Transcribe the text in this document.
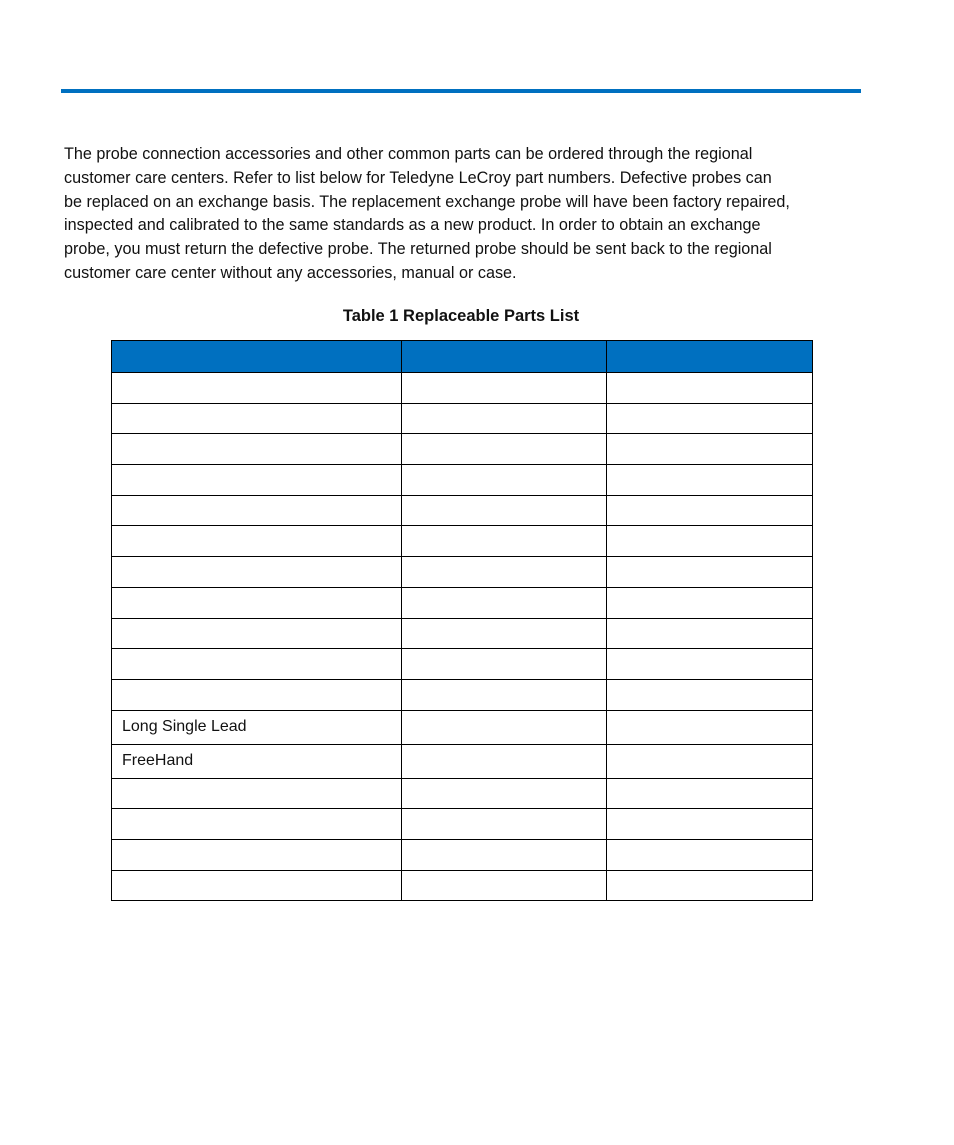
The probe connection accessories and other common parts can be ordered through the regional
customer care centers. Refer to list below for Teledyne LeCroy part numbers. Defective probes can
be replaced on an exchange basis. The replacement exchange probe will have been factory repaired,
inspected and calibrated to the same standards as a new product. In order to obtain an exchange
probe, you must return the defective probe. The returned probe should be sent back to the regional
customer care center without any accessories, manual or case.

Table 1 Replaceable Parts List

Long Single Lead		
FreeHand		
